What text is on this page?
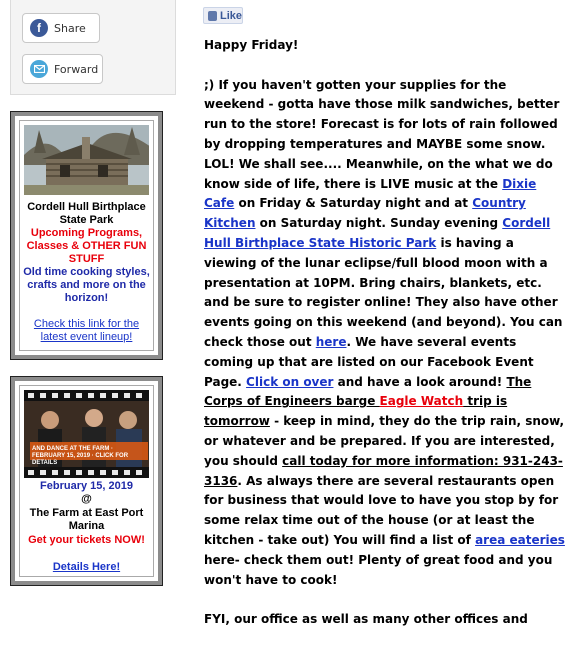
f	Share
Forward
Cordell Hull Birthplace State Park
Upcoming Programs, Classes & OTHER FUN STUFF
Old time cooking styles, crafts and more on the horizon!
Check this link for the latest event lineup!
AND DANCE AT THE FARM · FEBRUARY 15, 2019 · CLICK FOR DETAILS
February 15, 2019
@
The Farm at East Port Marina
Get your tickets NOW!
Details Here!
Like

Happy Friday!

;) If you haven't gotten your supplies for the weekend - gotta have those milk sandwiches, better run to the store! Forecast is for lots of rain followed by dropping temperatures and MAYBE some snow. LOL! We shall see.... Meanwhile, on the what we do know side of life, there is LIVE music at the Dixie Cafe on Friday & Saturday night and at Country Kitchen on Saturday night. Sunday evening Cordell Hull Birthplace State Historic Park is having a viewing of the lunar eclipse/full blood moon with a presentation at 10PM. Bring chairs, blankets, etc. and be sure to register online! They also have other events going on this weekend (and beyond). You can check those out here. We have several events coming up that are listed on our Facebook Event Page. Click on over and have a look around! The Corps of Engineers barge Eagle Watch trip is tomorrow - keep in mind, they do the trip rain, snow, or whatever and be prepared. If you are interested, you should call today for more information: 931-243-3136. As always there are several restaurants open for business that would love to have you stop by for some relax time out of the house (or at least the kitchen - take out) You will find a list of area eateries here- check them out! Plenty of great food and you won't have to cook!

FYI, our office as well as many other offices and
